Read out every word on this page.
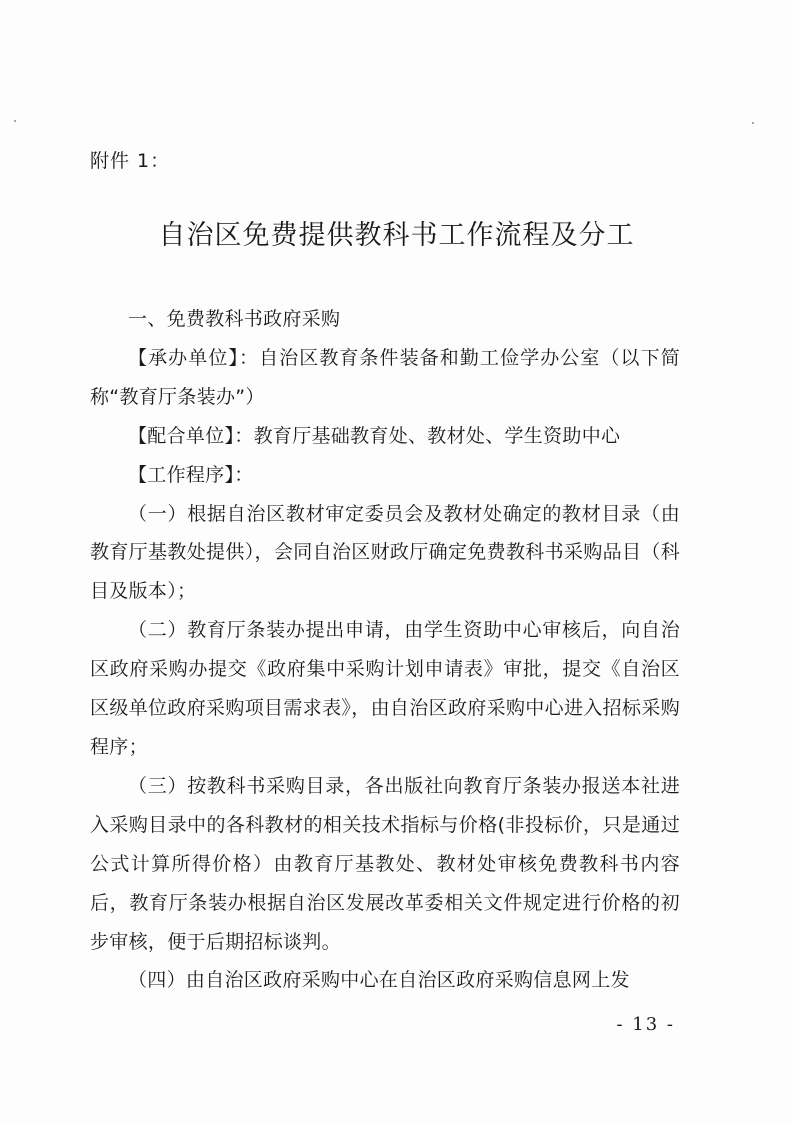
附件 1：
自治区免费提供教科书工作流程及分工

一、免费教科书政府采购

【承办单位】：自治区教育条件装备和勤工俭学办公室（以下简称“教育厅条装办”）

【配合单位】：教育厅基础教育处、教材处、学生资助中心

【工作程序】：

（一）根据自治区教材审定委员会及教材处确定的教材目录（由教育厅基教处提供），会同自治区财政厅确定免费教科书采购品目（科目及版本）；

（二）教育厅条装办提出申请，由学生资助中心审核后，向自治区政府采购办提交《政府集中采购计划申请表》审批，提交《自治区区级单位政府采购项目需求表》，由自治区政府采购中心进入招标采购程序；

（三）按教科书采购目录，各出版社向教育厅条装办报送本社进入采购目录中的各科教材的相关技术指标与价格(非投标价，只是通过公式计算所得价格）由教育厅基教处、教材处审核免费教科书内容后，教育厅条装办根据自治区发展改革委相关文件规定进行价格的初步审核，便于后期招标谈判。

（四）由自治区政府采购中心在自治区政府采购信息网上发

- 13 -
